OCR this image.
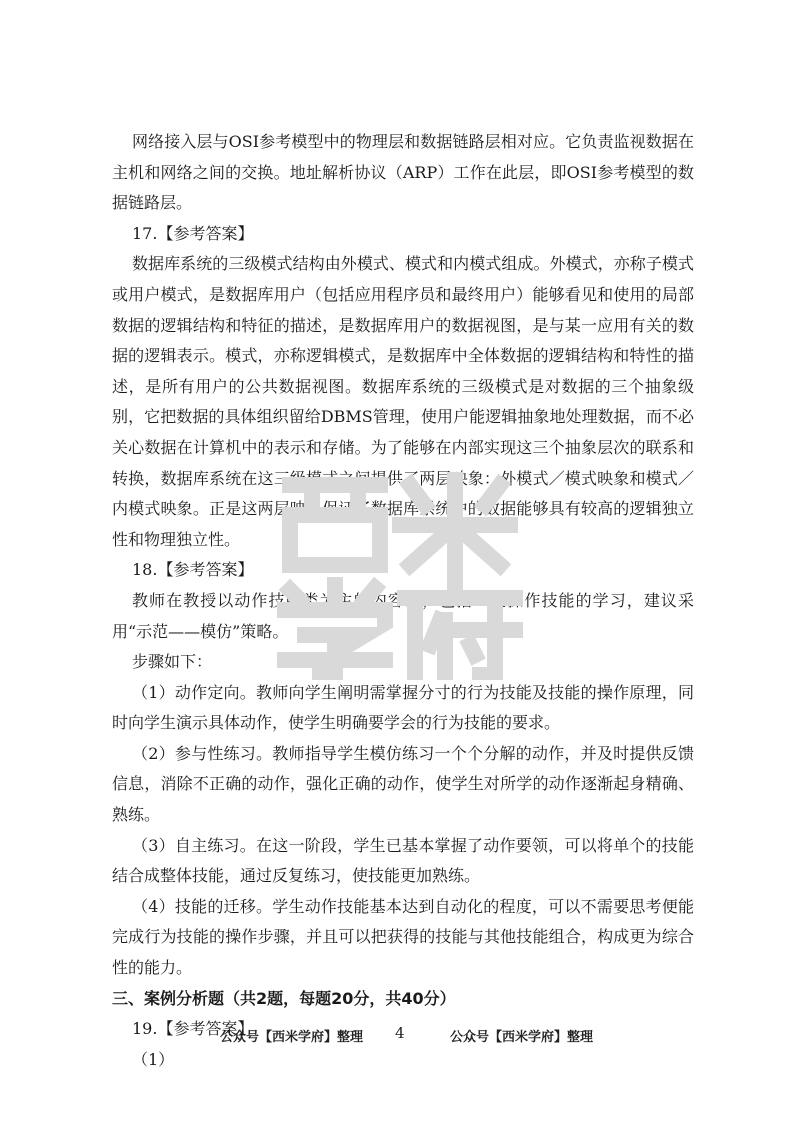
网络接入层与OSI参考模型中的物理层和数据链路层相对应。它负责监视数据在主机和网络之间的交换。地址解析协议（ARP）工作在此层，即OSI参考模型的数据链路层。

17.【参考答案】

数据库系统的三级模式结构由外模式、模式和内模式组成。外模式，亦称子模式或用户模式，是数据库用户（包括应用程序员和最终用户）能够看见和使用的局部数据的逻辑结构和特征的描述，是数据库用户的数据视图，是与某一应用有关的数据的逻辑表示。模式，亦称逻辑模式，是数据库中全体数据的逻辑结构和特性的描述，是所有用户的公共数据视图。数据库系统的三级模式是对数据的三个抽象级别，它把数据的具体组织留给DBMS管理，使用户能逻辑抽象地处理数据，而不必关心数据在计算机中的表示和存储。为了能够在内部实现这三个抽象层次的联系和转换，数据库系统在这三级模式之间提供了两层映象：外模式／模式映象和模式／内模式映象。正是这两层映象保证了数据库系统中的数据能够具有较高的逻辑独立性和物理独立性。

18.【参考答案】

教师在教授以动作技能类为主的内容时，包括一些操作技能的学习，建议采用“示范——模仿”策略。

步骤如下：

（1）动作定向。教师向学生阐明需掌握分寸的行为技能及技能的操作原理，同时向学生演示具体动作，使学生明确要学会的行为技能的要求。

（2）参与性练习。教师指导学生模仿练习一个个分解的动作，并及时提供反馈信息，消除不正确的动作，强化正确的动作，使学生对所学的动作逐渐起身精确、熟练。

（3）自主练习。在这一阶段，学生已基本掌握了动作要领，可以将单个的技能结合成整体技能，通过反复练习，使技能更加熟练。

（4）技能的迁移。学生动作技能基本达到自动化的程度，可以不需要思考便能完成行为技能的操作步骤，并且可以把获得的技能与其他技能组合，构成更为综合性的能力。

三、案例分析题（共2题，每题20分，共40分）

19.【参考答案】

（1）

公众号【西米学府】整理 4	公众号【西米学府】整理
